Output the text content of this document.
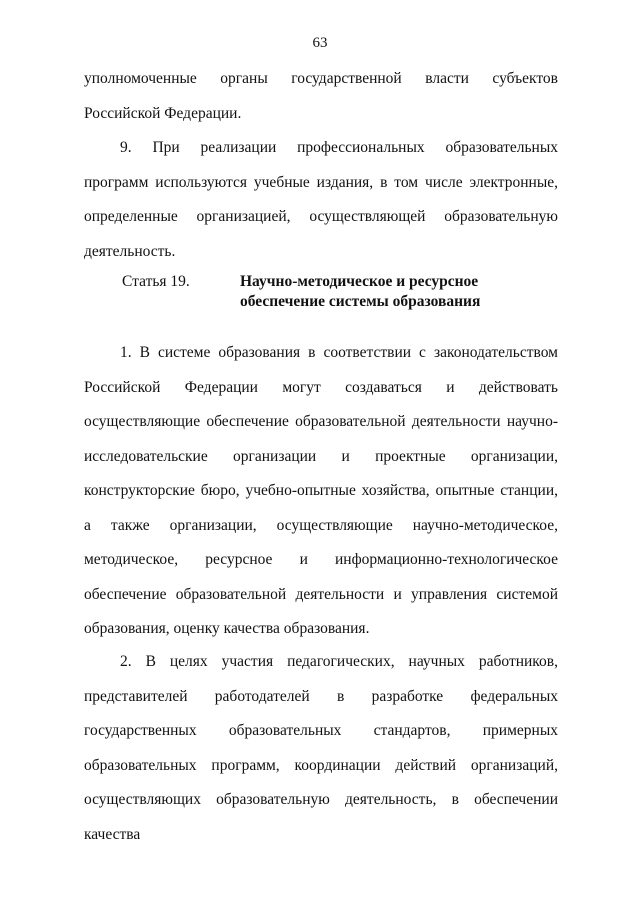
63

уполномоченные органы государственной власти субъектов Российской Федерации.

9. При реализации профессиональных образовательных программ используются учебные издания, в том числе электронные, определенные организацией, осуществляющей образовательную деятельность.

Статья 19.	Научно-методическое и ресурсное обеспечение системы образования

1. В системе образования в соответствии с законодательством Российской Федерации могут создаваться и действовать осуществляющие обеспечение образовательной деятельности научно-исследовательские организации и проектные организации, конструкторские бюро, учебно-опытные хозяйства, опытные станции, а также организации, осуществляющие научно-методическое, методическое, ресурсное и информационно-технологическое обеспечение образовательной деятельности и управления системой образования, оценку качества образования.

2. В целях участия педагогических, научных работников, представителей работодателей в разработке федеральных государственных образовательных стандартов, примерных образовательных программ, координации действий организаций, осуществляющих образовательную деятельность, в обеспечении качества
